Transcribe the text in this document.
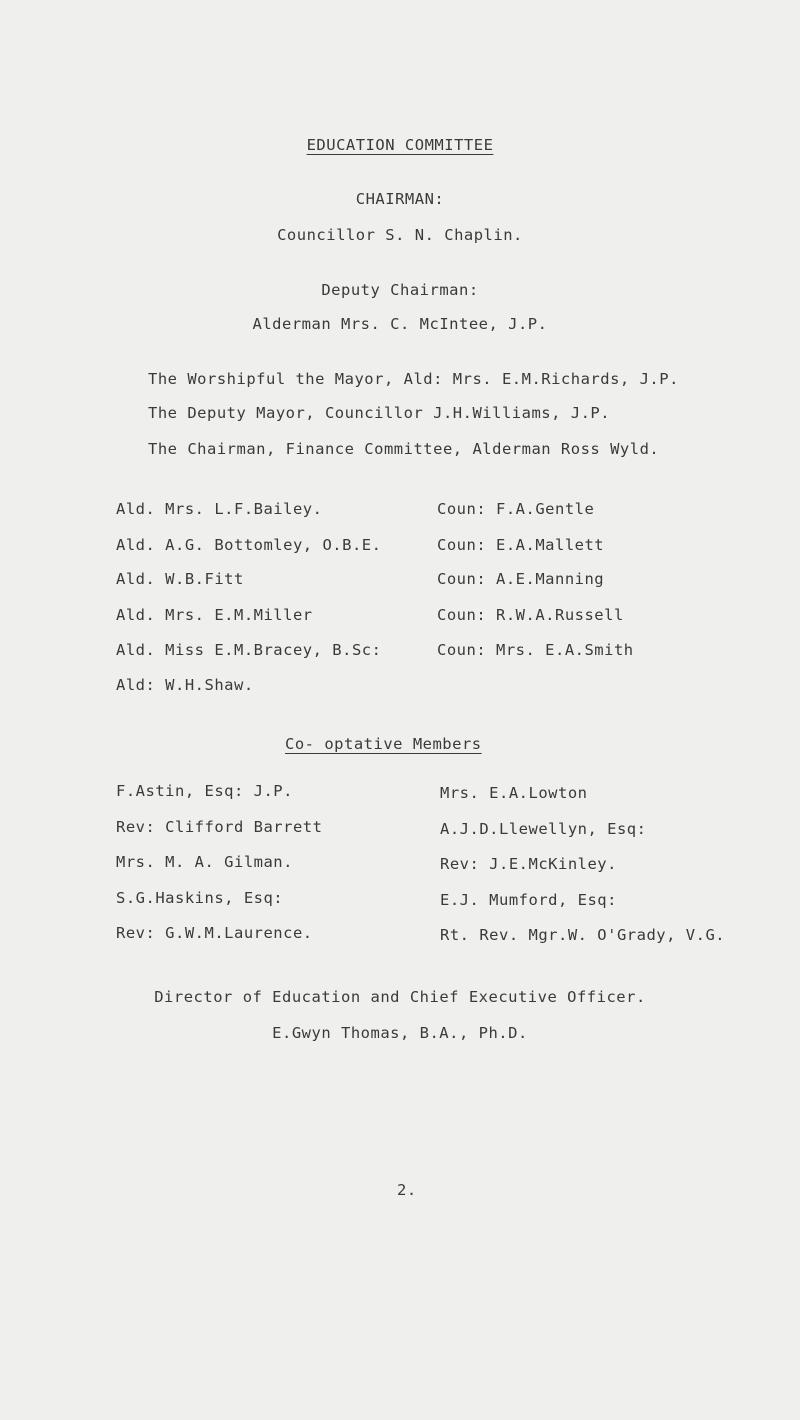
EDUCATION COMMITTEE
CHAIRMAN:
Councillor S. N. Chaplin.
Deputy Chairman:
Alderman Mrs. C. McIntee, J.P.
The Worshipful the Mayor, Ald: Mrs. E.M.Richards, J.P.
The Deputy Mayor, Councillor J.H.Williams, J.P.
The Chairman, Finance Committee, Alderman Ross Wyld.
Ald. Mrs. L.F.Bailey.
Ald. A.G. Bottomley, O.B.E.
Ald. W.B.Fitt
Ald. Mrs. E.M.Miller
Ald. Miss E.M.Bracey, B.Sc:
Ald: W.H.Shaw.
Coun: F.A.Gentle
Coun: E.A.Mallett
Coun: A.E.Manning
Coun: R.W.A.Russell
Coun: Mrs. E.A.Smith
Co- optative Members
F.Astin, Esq: J.P.
Rev: Clifford Barrett
Mrs. M. A. Gilman.
S.G.Haskins, Esq:
Rev: G.W.M.Laurence.
Mrs. E.A.Lowton
A.J.D.Llewellyn, Esq:
Rev: J.E.McKinley.
E.J. Mumford, Esq:
Rt. Rev. Mgr.W. O'Grady, V.G.
Director of Education and Chief Executive Officer.
E.Gwyn Thomas, B.A., Ph.D.
2.
